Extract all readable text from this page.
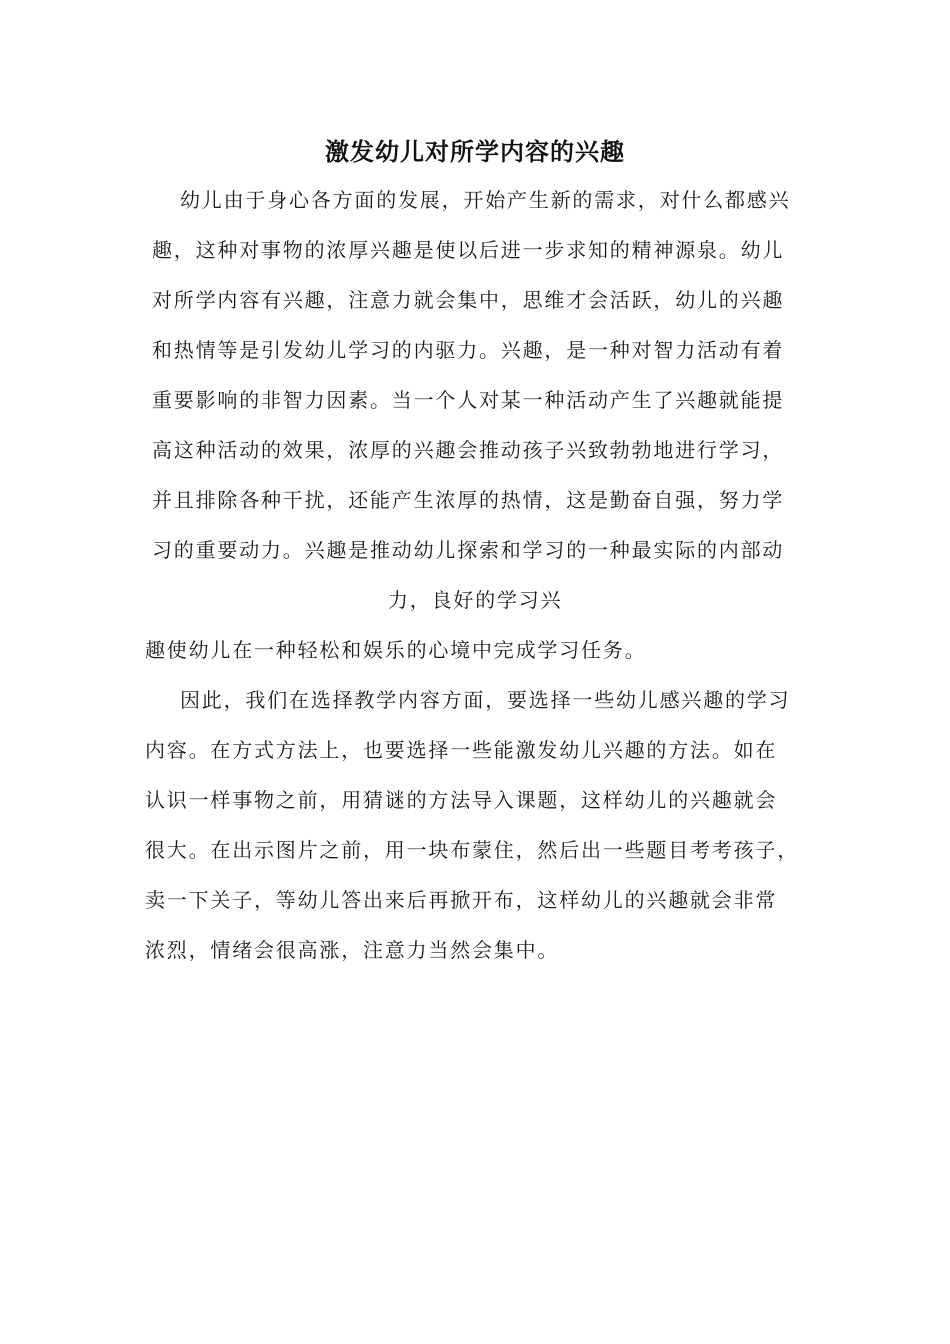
激发幼儿对所学内容的兴趣
幼儿由于身心各方面的发展，开始产生新的需求，对什么都感兴
趣，这种对事物的浓厚兴趣是使以后进一步求知的精神源泉。幼儿
对所学内容有兴趣，注意力就会集中，思维才会活跃，幼儿的兴趣
和热情等是引发幼儿学习的内驱力。兴趣，是一种对智力活动有着
重要影响的非智力因素。当一个人对某一种活动产生了兴趣就能提
高这种活动的效果，浓厚的兴趣会推动孩子兴致勃勃地进行学习，
并且排除各种干扰，还能产生浓厚的热情，这是勤奋自强，努力学
习的重要动力。兴趣是推动幼儿探索和学习的一种最实际的内部动
力，良好的学习兴
趣使幼儿在一种轻松和娱乐的心境中完成学习任务。
因此，我们在选择教学内容方面，要选择一些幼儿感兴趣的学习
内容。在方式方法上，也要选择一些能激发幼儿兴趣的方法。如在
认识一样事物之前，用猜谜的方法导入课题，这样幼儿的兴趣就会
很大。在出示图片之前，用一块布蒙住，然后出一些题目考考孩子，
卖一下关子，等幼儿答出来后再掀开布，这样幼儿的兴趣就会非常
浓烈，情绪会很高涨，注意力当然会集中。
